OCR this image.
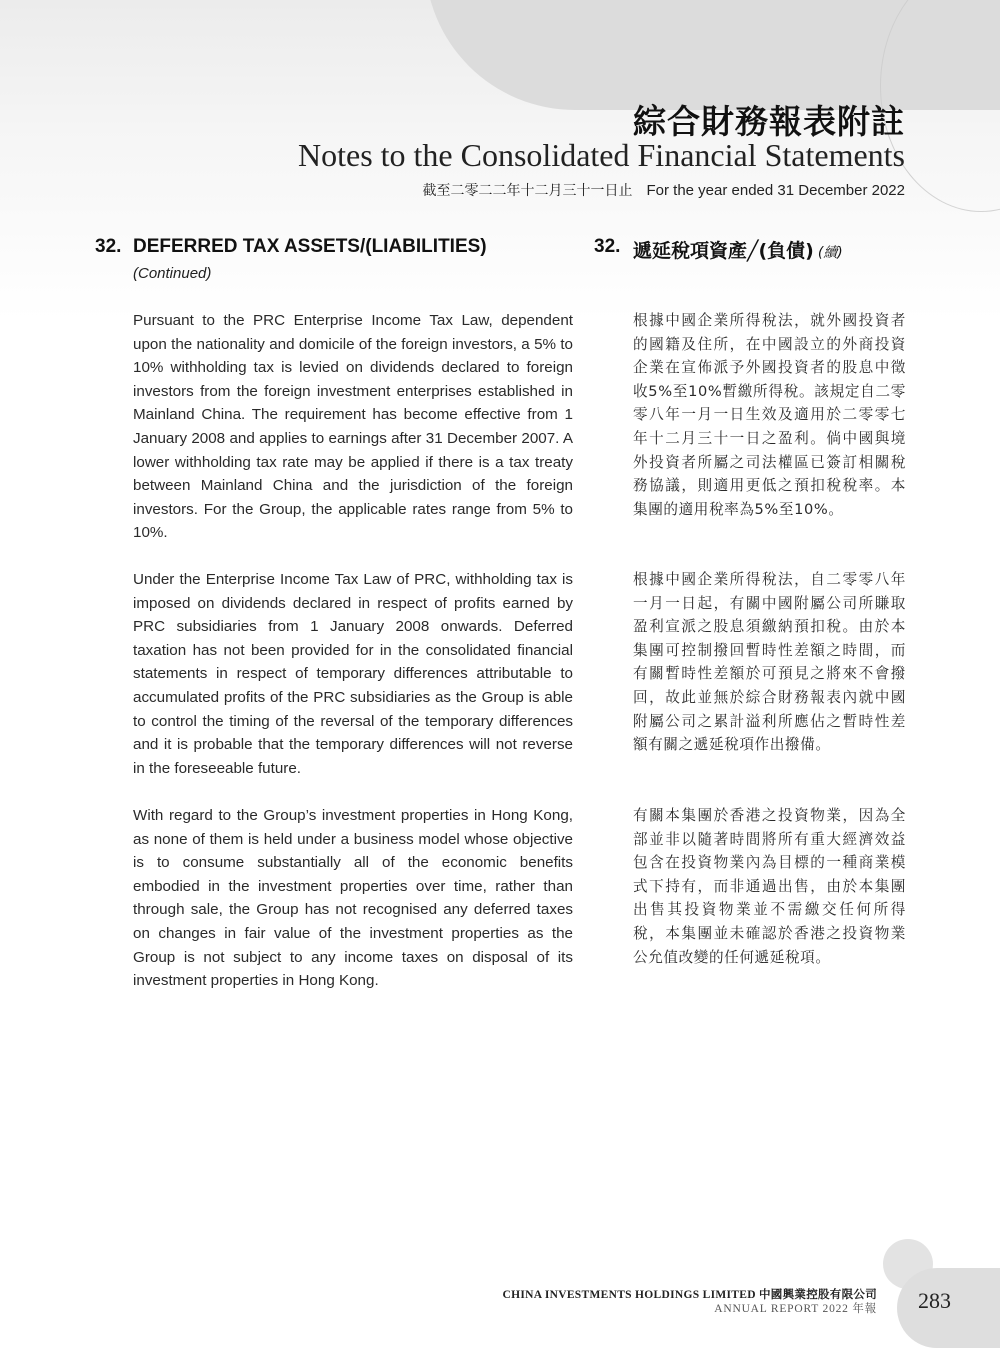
綜合財務報表附註
Notes to the Consolidated Financial Statements

截至二零二二年十二月三十一日止 For the year ended 31 December 2022

32. DEFERRED TAX ASSETS/(LIABILITIES)
(Continued)
32. 遞延稅項資產╱(負債) (續)

Pursuant to the PRC Enterprise Income Tax Law, dependent upon the nationality and domicile of the foreign investors, a 5% to 10% withholding tax is levied on dividends declared to foreign investors from the foreign investment enterprises established in Mainland China. The requirement has become effective from 1 January 2008 and applies to earnings after 31 December 2007. A lower withholding tax rate may be applied if there is a tax treaty between Mainland China and the jurisdiction of the foreign investors. For the Group, the applicable rates range from 5% to 10%.

Under the Enterprise Income Tax Law of PRC, withholding tax is imposed on dividends declared in respect of profits earned by PRC subsidiaries from 1 January 2008 onwards. Deferred taxation has not been provided for in the consolidated financial statements in respect of temporary differences attributable to accumulated profits of the PRC subsidiaries as the Group is able to control the timing of the reversal of the temporary differences and it is probable that the temporary differences will not reverse in the foreseeable future.

With regard to the Group’s investment properties in Hong Kong, as none of them is held under a business model whose objective is to consume substantially all of the economic benefits embodied in the investment properties over time, rather than through sale, the Group has not recognised any deferred taxes on changes in fair value of the investment properties as the Group is not subject to any income taxes on disposal of its investment properties in Hong Kong.

根據中國企業所得稅法，就外國投資者的國籍及住所，在中國設立的外商投資企業在宣佈派予外國投資者的股息中徵收5%至10%暫繳所得稅。該規定自二零零八年一月一日生效及適用於二零零七年十二月三十一日之盈利。倘中國與境外投資者所屬之司法權區已簽訂相關稅務協議，則適用更低之預扣稅稅率。本集團的適用稅率為5%至10%。

根據中國企業所得稅法，自二零零八年一月一日起，有關中國附屬公司所賺取盈利宣派之股息須繳納預扣稅。由於本集團可控制撥回暫時性差額之時間，而有關暫時性差額於可預見之將來不會撥回，故此並無於綜合財務報表內就中國附屬公司之累計溢利所應佔之暫時性差額有關之遞延稅項作出撥備。

有關本集團於香港之投資物業，因為全部並非以隨著時間將所有重大經濟效益包含在投資物業內為目標的一種商業模式下持有，而非通過出售，由於本集團出售其投資物業並不需繳交任何所得稅，本集團並未確認於香港之投資物業公允值改變的任何遞延稅項。

CHINA INVESTMENTS HOLDINGS LIMITED 中國興業控股有限公司

ANNUAL REPORT 2022 年報 283
